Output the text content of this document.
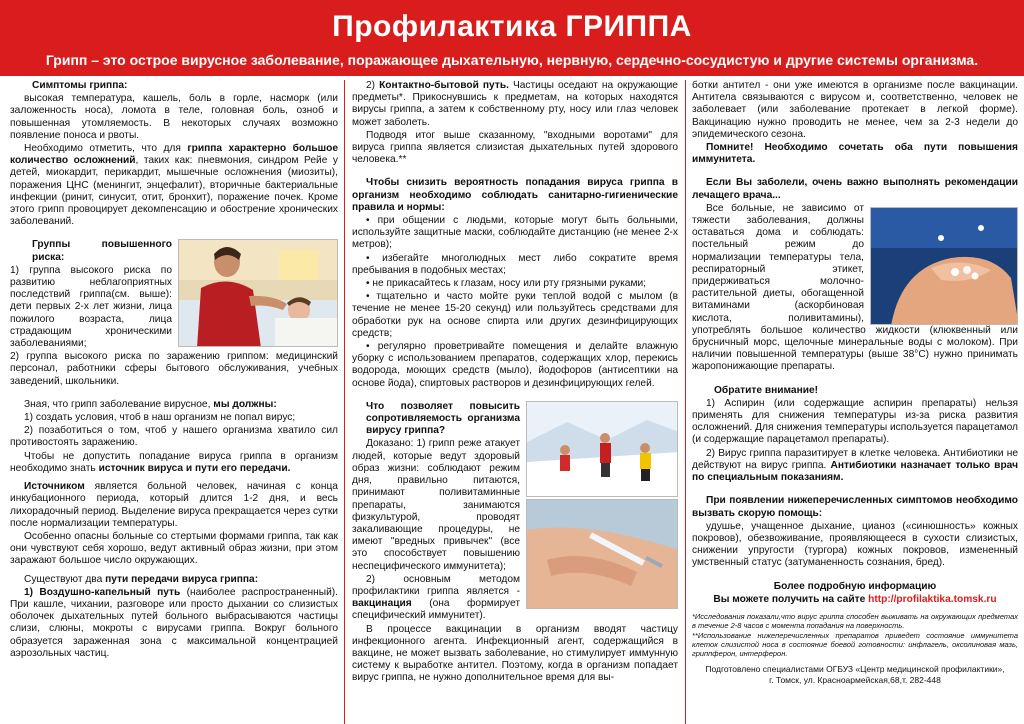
Профилактика ГРИППА
Грипп – это острое вирусное заболевание, поражающее дыхательную, нервную, сердечно-сосудистую и другие системы организма.

Симптомы гриппа:

высокая температура, кашель, боль в горле, насморк (или заложенность носа), ломота в теле, головная боль, озноб и повышенная утомляемость. В некоторых случаях возможно появление поноса и рвоты.

Необходимо отметить, что для гриппа характерно большое количество осложнений, таких как: пневмония, синдром Рейе у детей, миокардит, перикардит, мышечные осложнения (миозиты), поражения ЦНС (менингит, энцефалит), вторичные бактериальные инфекции (ринит, синусит, отит, бронхит), поражение почек. Кроме этого грипп провоцирует декомпенсацию и обострение хронических заболеваний.

Группы повышенного риска:

1) группа высокого риска по развитию неблагоприятных последствий гриппа(см. выше): дети первых 2-х лет жизни, лица пожилого возраста, лица страдающим хроническими заболеваниями;

2) группа высокого риска по заражению гриппом: медицинский персонал, работники сферы бытового обслуживания, учебных заведений, школьники.

Зная, что грипп заболевание вирусное, мы должны:

1) создать условия, чтоб в наш организм не попал вирус;

2) позаботиться о том, чтоб у нашего организма хватило сил противостоять заражению.

Чтобы не допустить попадание вируса гриппа в организм необходимо знать источник вируса и пути его передачи.

Источником является больной человек, начиная с конца инкубационного периода, который длится 1-2 дня, и весь лихорадочный период. Выделение вируса прекращается через сутки после нормализации температуры.

Особенно опасны больные со стертыми формами гриппа, так как они чувствуют себя хорошо, ведут активный образ жизни, при этом заражают большое число окружающих.

Существуют два пути передачи вируса гриппа:

1) Воздушно-капельный путь (наиболее распространенный). При кашле, чихании, разговоре или просто дыхании со слизистых оболочек дыхательных путей больного выбрасываются частицы слизи, слюны, мокроты с вирусами гриппа. Вокруг больного образуется зараженная зона с максимальной концентрацией аэрозольных частиц.

2) Контактно-бытовой путь. Частицы оседают на окружающие предметы*. Прикоснувшись к предметам, на которых находятся вирусы гриппа, а затем к собственному рту, носу или глаз человек может заболеть.

Подводя итог выше сказанному, "входными воротами" для вируса гриппа является слизистая дыхательных путей здорового человека.**

Чтобы снизить вероятность попадания вируса гриппа в организм необходимо соблюдать санитарно-гигиенические правила и нормы:

• при общении с людьми, которые могут быть больными, используйте защитные маски, соблюдайте дистанцию (не менее 2-х метров);

• избегайте многолюдных мест либо сократите время пребывания в подобных местах;

• не прикасайтесь к глазам, носу или рту грязными руками;

• тщательно и часто мойте руки теплой водой с мылом (в течение не менее 15-20 секунд) или пользуйтесь средствами для обработки рук на основе спирта или других дезинфицирующих средств;

• регулярно проветривайте помещения и делайте влажную уборку с использованием препаратов, содержащих хлор, перекись водорода, моющих средств (мыло), йодофоров (антисептики на основе йода), спиртовых растворов и дезинфицирующих гелей.

Что позволяет повысить сопротивляемость организма вирусу гриппа?

Доказано: 1) грипп реже атакует людей, которые ведут здоровый образ жизни: соблюдают режим дня, правильно питаются, принимают поливитаминные препараты, занимаются физкультурой, проводят закаливающие процедуры, не имеют "вредных привычек" (все это способствует повышению неспецифического иммунитета);

2) основным методом профилактики гриппа является - вакцинация (она формирует специфический иммунитет).

В процессе вакцинации в организм вводят частицу инфекционного агента. Инфекционный агент, содержащийся в вакцине, не может вызвать заболевание, но стимулирует иммунную систему к выработке антител. Поэтому, когда в организм попадает вирус гриппа, не нужно дополнительное время для вы-

ботки антител - они уже имеются в организме после вакцинации. Антитела связываются с вирусом и, соответственно, человек не заболевает (или заболевание протекает в легкой форме). Вакцинацию нужно проводить не менее, чем за 2-3 недели до эпидемического сезона.

Помните! Необходимо сочетать оба пути повышения иммунитета.

Если Вы заболели, очень важно выполнять рекомендации лечащего врача...

Все больные, не зависимо от тяжести заболевания, должны оставаться дома и соблюдать: постельный режим до нормализации температуры тела, респираторный этикет, придерживаться молочно-растительной диеты, обогащенной витаминами (аскорбиновая кислота, поливитамины), употреблять большое количество жидкости (клюквенный или брусничный морс, щелочные минеральные воды с молоком). При наличии повышенной температуры (выше 38°С) нужно принимать жаропонижающие препараты.

Обратите внимание!

1) Аспирин (или содержащие аспирин препараты) нельзя применять для снижения температуры из-за риска развития осложнений. Для снижения температуры используется парацетамол (и содержащие парацетамол препараты).

2) Вирус гриппа паразитирует в клетке человека. Антибиотики не действуют на вирус гриппа. Антибиотики назначает только врач по специальным показаниям.

При появлении нижеперечисленных симптомов необходимо вызвать скорую помощь:

удушье, учащенное дыхание, цианоз («синюшность» кожных покровов), обезвоживание, проявляющееся в сухости слизистых, снижении упругости (тургора) кожных покровов, измененный умственный статус (затуманенность сознания, бред).

Более подробную информацию

Вы можете получить на сайте http://profilaktika.tomsk.ru

*Исследования показали,что вирус гриппа способен выживать на окружающих предметах в течение 2-8 часов с момента попадания на поверхность.

**Использование нижеперечисленных препаратов приведет состояние иммунитета клеток слизистой носа в состояние боевой готовности: инфлагель, оксолиновая мазь, гриппферон, интерферон.

Подготовлено специалистами ОГБУЗ «Центр медицинской профилактики»,

г. Томск, ул. Красноармейская,68,т. 282-448
